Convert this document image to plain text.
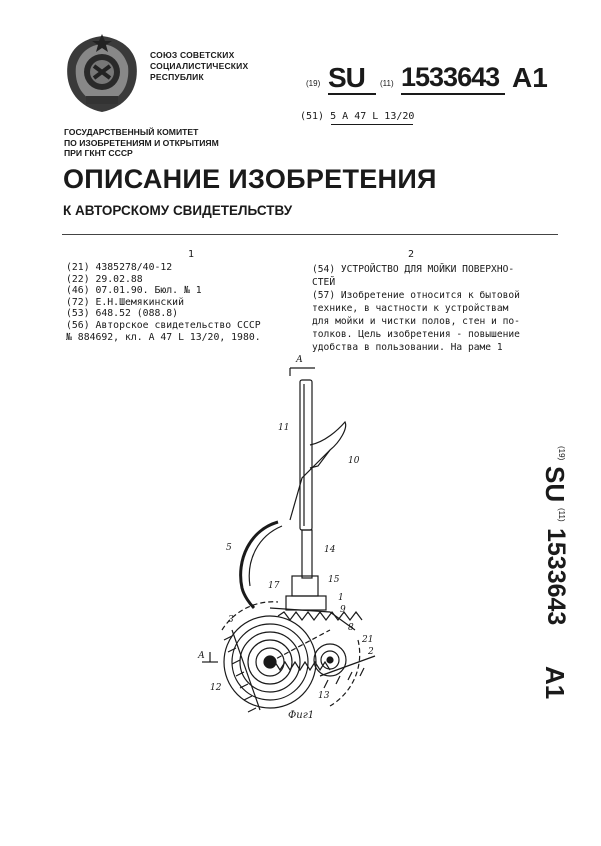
СОЮЗ СОВЕТСКИХ
СОЦИАЛИСТИЧЕСКИХ
РЕСПУБЛИК
(19) SU (11) 1533643 A1
(51) 5 А 47 L 13/20
ГОСУДАРСТВЕННЫЙ КОМИТЕТ
ПО ИЗОБРЕТЕНИЯМ И ОТКРЫТИЯМ
ПРИ ГКНТ СССР
ОПИСАНИЕ ИЗОБРЕТЕНИЯ
К АВТОРСКОМУ СВИДЕТЕЛЬСТВУ
1	2
(21) 4385278/40-12
(22) 29.02.88
(46) 07.01.90. Бюл. № 1
(72) Е.Н.Шемякинский
(53) 648.52 (088.8)
(56) Авторское свидетельство СССР
№ 884692, кл. А 47 L 13/20, 1980.
(54) УСТРОЙСТВО ДЛЯ МОЙКИ ПОВЕРХНО-
СТЕЙ
(57) Изобретение относится к бытовой
технике, в частности к устройствам
для мойки и чистки полов, стен и по-
толков. Цель изобретения - повышение
удобства в пользовании. На раме 1
(19)
SU
(11)
1533643
A1
А
А
11
10
5	14
15
17
1
9
8
3
21
2
12
13
Фиг1
